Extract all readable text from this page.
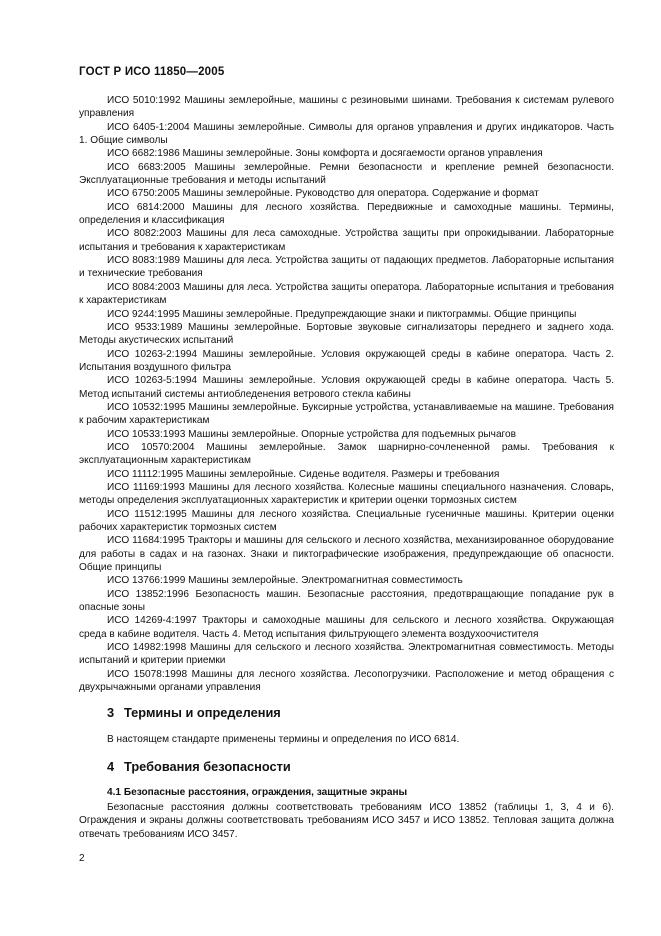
ГОСТ Р ИСО 11850—2005

ИСО 5010:1992 Машины землеройные, машины с резиновыми шинами. Требования к системам рулевого управления

ИСО 6405-1:2004 Машины землеройные. Символы для органов управления и других индикаторов. Часть 1. Общие символы

ИСО 6682:1986 Машины землеройные. Зоны комфорта и досягаемости органов управления

ИСО 6683:2005 Машины землеройные. Ремни безопасности и крепление ремней безопасности. Эксплуатационные требования и методы испытаний

ИСО 6750:2005 Машины землеройные. Руководство для оператора. Содержание и формат

ИСО 6814:2000 Машины для лесного хозяйства. Передвижные и самоходные машины. Термины, определения и классификация

ИСО 8082:2003 Машины для леса самоходные. Устройства защиты при опрокидывании. Лабораторные испытания и требования к характеристикам

ИСО 8083:1989 Машины для леса. Устройства защиты от падающих предметов. Лабораторные испытания и технические требования

ИСО 8084:2003 Машины для леса. Устройства защиты оператора. Лабораторные испытания и требования к характеристикам

ИСО 9244:1995 Машины землеройные. Предупреждающие знаки и пиктограммы. Общие принципы

ИСО 9533:1989 Машины землеройные. Бортовые звуковые сигнализаторы переднего и заднего хода. Методы акустических испытаний

ИСО 10263-2:1994 Машины землеройные. Условия окружающей среды в кабине оператора. Часть 2. Испытания воздушного фильтра

ИСО 10263-5:1994 Машины землеройные. Условия окружающей среды в кабине оператора. Часть 5. Метод испытаний системы антиобледенения ветрового стекла кабины

ИСО 10532:1995 Машины землеройные. Буксирные устройства, устанавливаемые на машине. Требования к рабочим характеристикам

ИСО 10533:1993 Машины землеройные. Опорные устройства для подъемных рычагов

ИСО 10570:2004 Машины землеройные. Замок шарнирно-сочлененной рамы. Требования к эксплуатационным характеристикам

ИСО 11112:1995 Машины землеройные. Сиденье водителя. Размеры и требования

ИСО 11169:1993 Машины для лесного хозяйства. Колесные машины специального назначения. Словарь, методы определения эксплуатационных характеристик и критерии оценки тормозных систем

ИСО 11512:1995 Машины для лесного хозяйства. Специальные гусеничные машины. Критерии оценки рабочих характеристик тормозных систем

ИСО 11684:1995 Тракторы и машины для сельского и лесного хозяйства, механизированное оборудование для работы в садах и на газонах. Знаки и пиктографические изображения, предупреждающие об опасности. Общие принципы

ИСО 13766:1999 Машины землеройные. Электромагнитная совместимость

ИСО 13852:1996 Безопасность машин. Безопасные расстояния, предотвращающие попадание рук в опасные зоны

ИСО 14269-4:1997 Тракторы и самоходные машины для сельского и лесного хозяйства. Окружающая среда в кабине водителя. Часть 4. Метод испытания фильтрующего элемента воздухоочистителя

ИСО 14982:1998 Машины для сельского и лесного хозяйства. Электромагнитная совместимость. Методы испытаний и критерии приемки

ИСО 15078:1998 Машины для лесного хозяйства. Лесопогрузчики. Расположение и метод обращения с двухрычажными органами управления

3 Термины и определения

В настоящем стандарте применены термины и определения по ИСО 6814.

4 Требования безопасности
4.1 Безопасные расстояния, ограждения, защитные экраны

Безопасные расстояния должны соответствовать требованиям ИСО 13852 (таблицы 1, 3, 4 и 6). Ограждения и экраны должны соответствовать требованиям ИСО 3457 и ИСО 13852. Тепловая защита должна отвечать требованиям ИСО 3457.

2
